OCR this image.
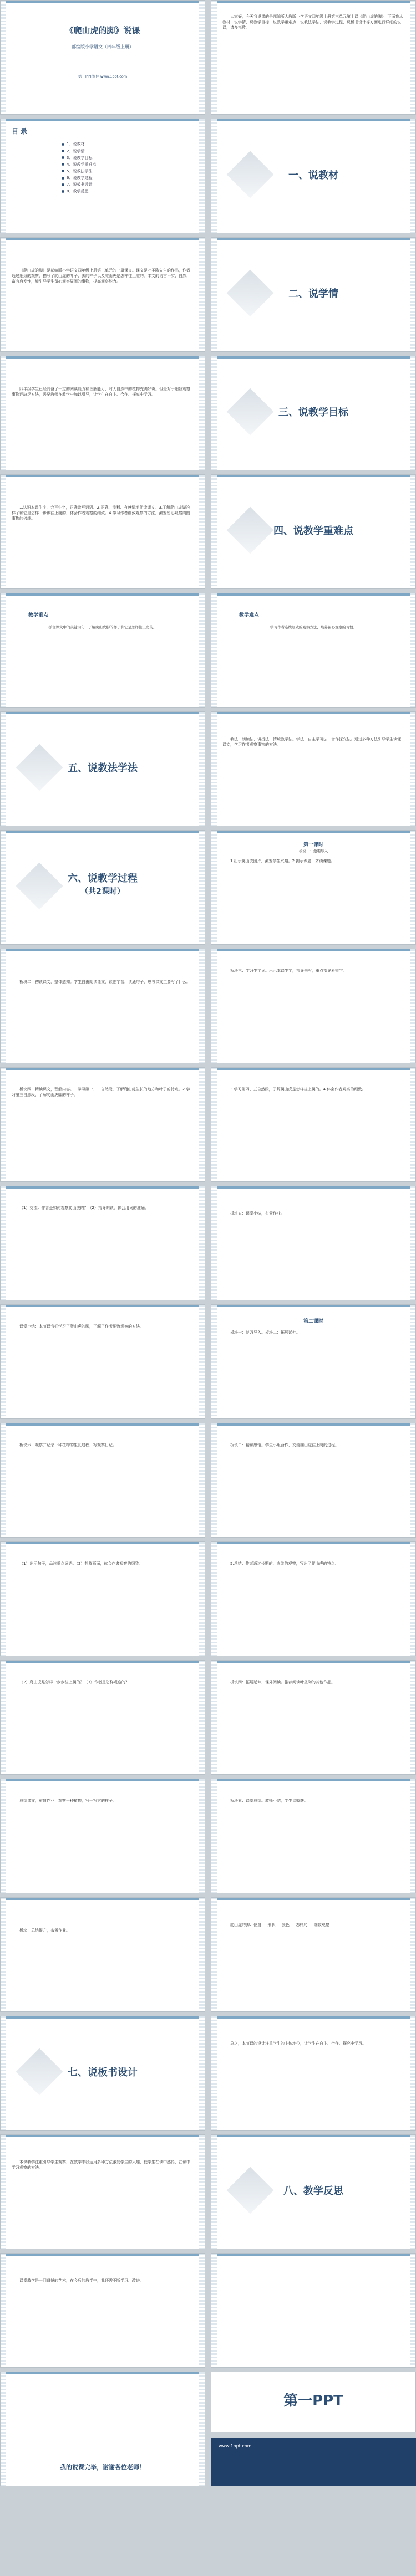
《爬山虎的脚》说课
部编版小学语文（四年级上册）
第一PPT课件 www.1ppt.com
大家好，今天我说课的是部编版人教版小学语文四年级上册第三单元第十课《爬山虎的脚》，下面我从教材、说学情、说教学目标、说教学重难点、说教法学法、说教学过程、说板书设计等方面进行详细的说课，请多指教。
目 录
1、说教材
2、说学情
3、说教学目标
4、说教学重难点
5、说教法学法
6、说教学过程
7、说板书设计
8、教学反思
一、说教材
《爬山虎的脚》是部编版小学语文四年级上册第三单元的一篇课文。课文是叶圣陶先生的作品，作者通过细致的观察，描写了爬山虎的叶子、脚的样子以及爬山虎是怎样往上爬的。本文的语言平实、自然，富有启发性，能引导学生留心观察周围的事物，提高观察能力。
二、说学情
四年级学生已经具备了一定的阅读能力和理解能力，对大自然中的植物充满好奇。但是对于细致观察事物还缺乏方法，需要教师在教学中加以引导，让学生在自主、合作、探究中学习。
三、说教学目标
1.认识本课生字，会写生字，正确读写词语。2.正确、流利、有感情地朗读课文。3.了解爬山虎脚的样子和它是怎样一步步往上爬的，体会作者观察的细致。4.学习作者细致观察的方法，激发留心观察周围事物的兴趣。
四、说教学重难点
教学重点
抓住课文中的关键词句，了解爬山虎脚的样子和它是怎样往上爬的。
教学难点
学习作者连续细致的观察方法，培养留心观察的习惯。
五、说教法学法
教法：朗读法、讲授法、情境教学法。学法：自主学习法、合作探究法。通过多种方法引导学生读懂课文，学习作者观察事物的方法。
六、说教学过程
（共2课时）
第一课时
板块一：激趣导入
1.出示爬山虎图片，激发学生兴趣。2.揭示课题，齐读课题。
板块二：初读课文，整体感知。学生自由朗读课文，读准字音，读通句子，思考课文主要写了什么。
板块三：学习生字词。出示本课生字，指导书写，重点指导易错字。
板块四：精读课文，理解内容。1.学习第一、二自然段，了解爬山虎生长的地方和叶子的特点。2.学习第三自然段，了解爬山虎脚的样子。
3.学习第四、五自然段，了解爬山虎是怎样往上爬的。4.体会作者观察的细致。
（1）交流：作者是如何观察爬山虎的？（2）指导朗读，体会用词的准确。
板块五：课堂小结，布置作业。
课堂小结：本节课我们学习了爬山虎的脚，了解了作者细致观察的方法。
第二课时
板块一：复习导入。板块二：拓展延伸。
板块六：观察并记录一种植物的生长过程，写观察日记。	板块二：精读感悟。学生小组合作，交流爬山虎往上爬的过程。
（1）出示句子，品读重点词语。（2）想象画面，体会作者观察的细致。	5.总结：作者通过长期的、连续的观察，写出了爬山虎的特点。
（2）爬山虎是怎样一步步往上爬的？（3）作者是怎样观察的？	板块四：拓展延伸，课外阅读。推荐阅读叶圣陶的其他作品。
总结课文，布置作业：观察一种植物，写一写它的样子。	板块五：课堂总结。教师小结，学生谈收获。
板块：总结提升，布置作业。
爬山虎的脚：位置 — 形状 — 颜色 — 怎样爬 — 细致观察
七、说板书设计
总之，本节课的设计注重学生的主体地位，让学生在自主、合作、探究中学习。
本课教学注重引导学生观察，在教学中我运用多种方法激发学生的兴趣，使学生在读中感悟，在读中学习观察的方法。
八、教学反思
课堂教学是一门遗憾的艺术，在今后的教学中，我还需不断学习、改进。
我的说课完毕，谢谢各位老师！
第一PPT
www.1ppt.com
